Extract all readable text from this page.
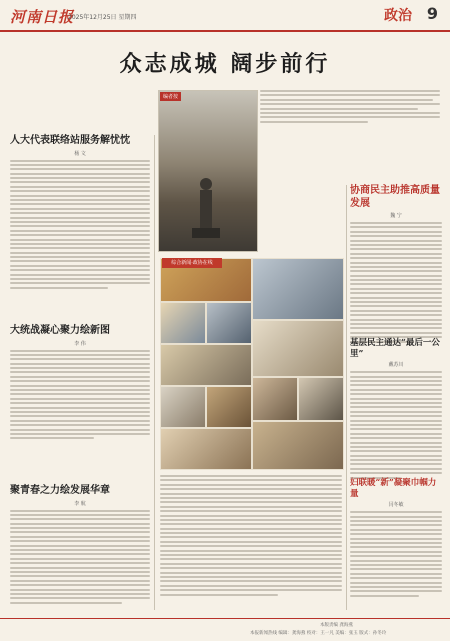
河南日报
2025年12月25日 星期四	政治 9
众志成城 阔步前行
编者按
综合新闻·政协在线
人大代表联络站服务解忧忱
杨 文
大统战凝心聚力绘新图
李 伟
聚青春之力绘发展华章
李 航
协商民主助推高质量发展
魏 宁
基层民主通达“最后一公里”
戴苏川
妇联暖“新”凝聚巾帼力量
闫冬敏
本版责编 龚海燕
本报新闻热线 编辑：龚海燕 校对：王一凡 美编：张玉 版式：孙冬玲
